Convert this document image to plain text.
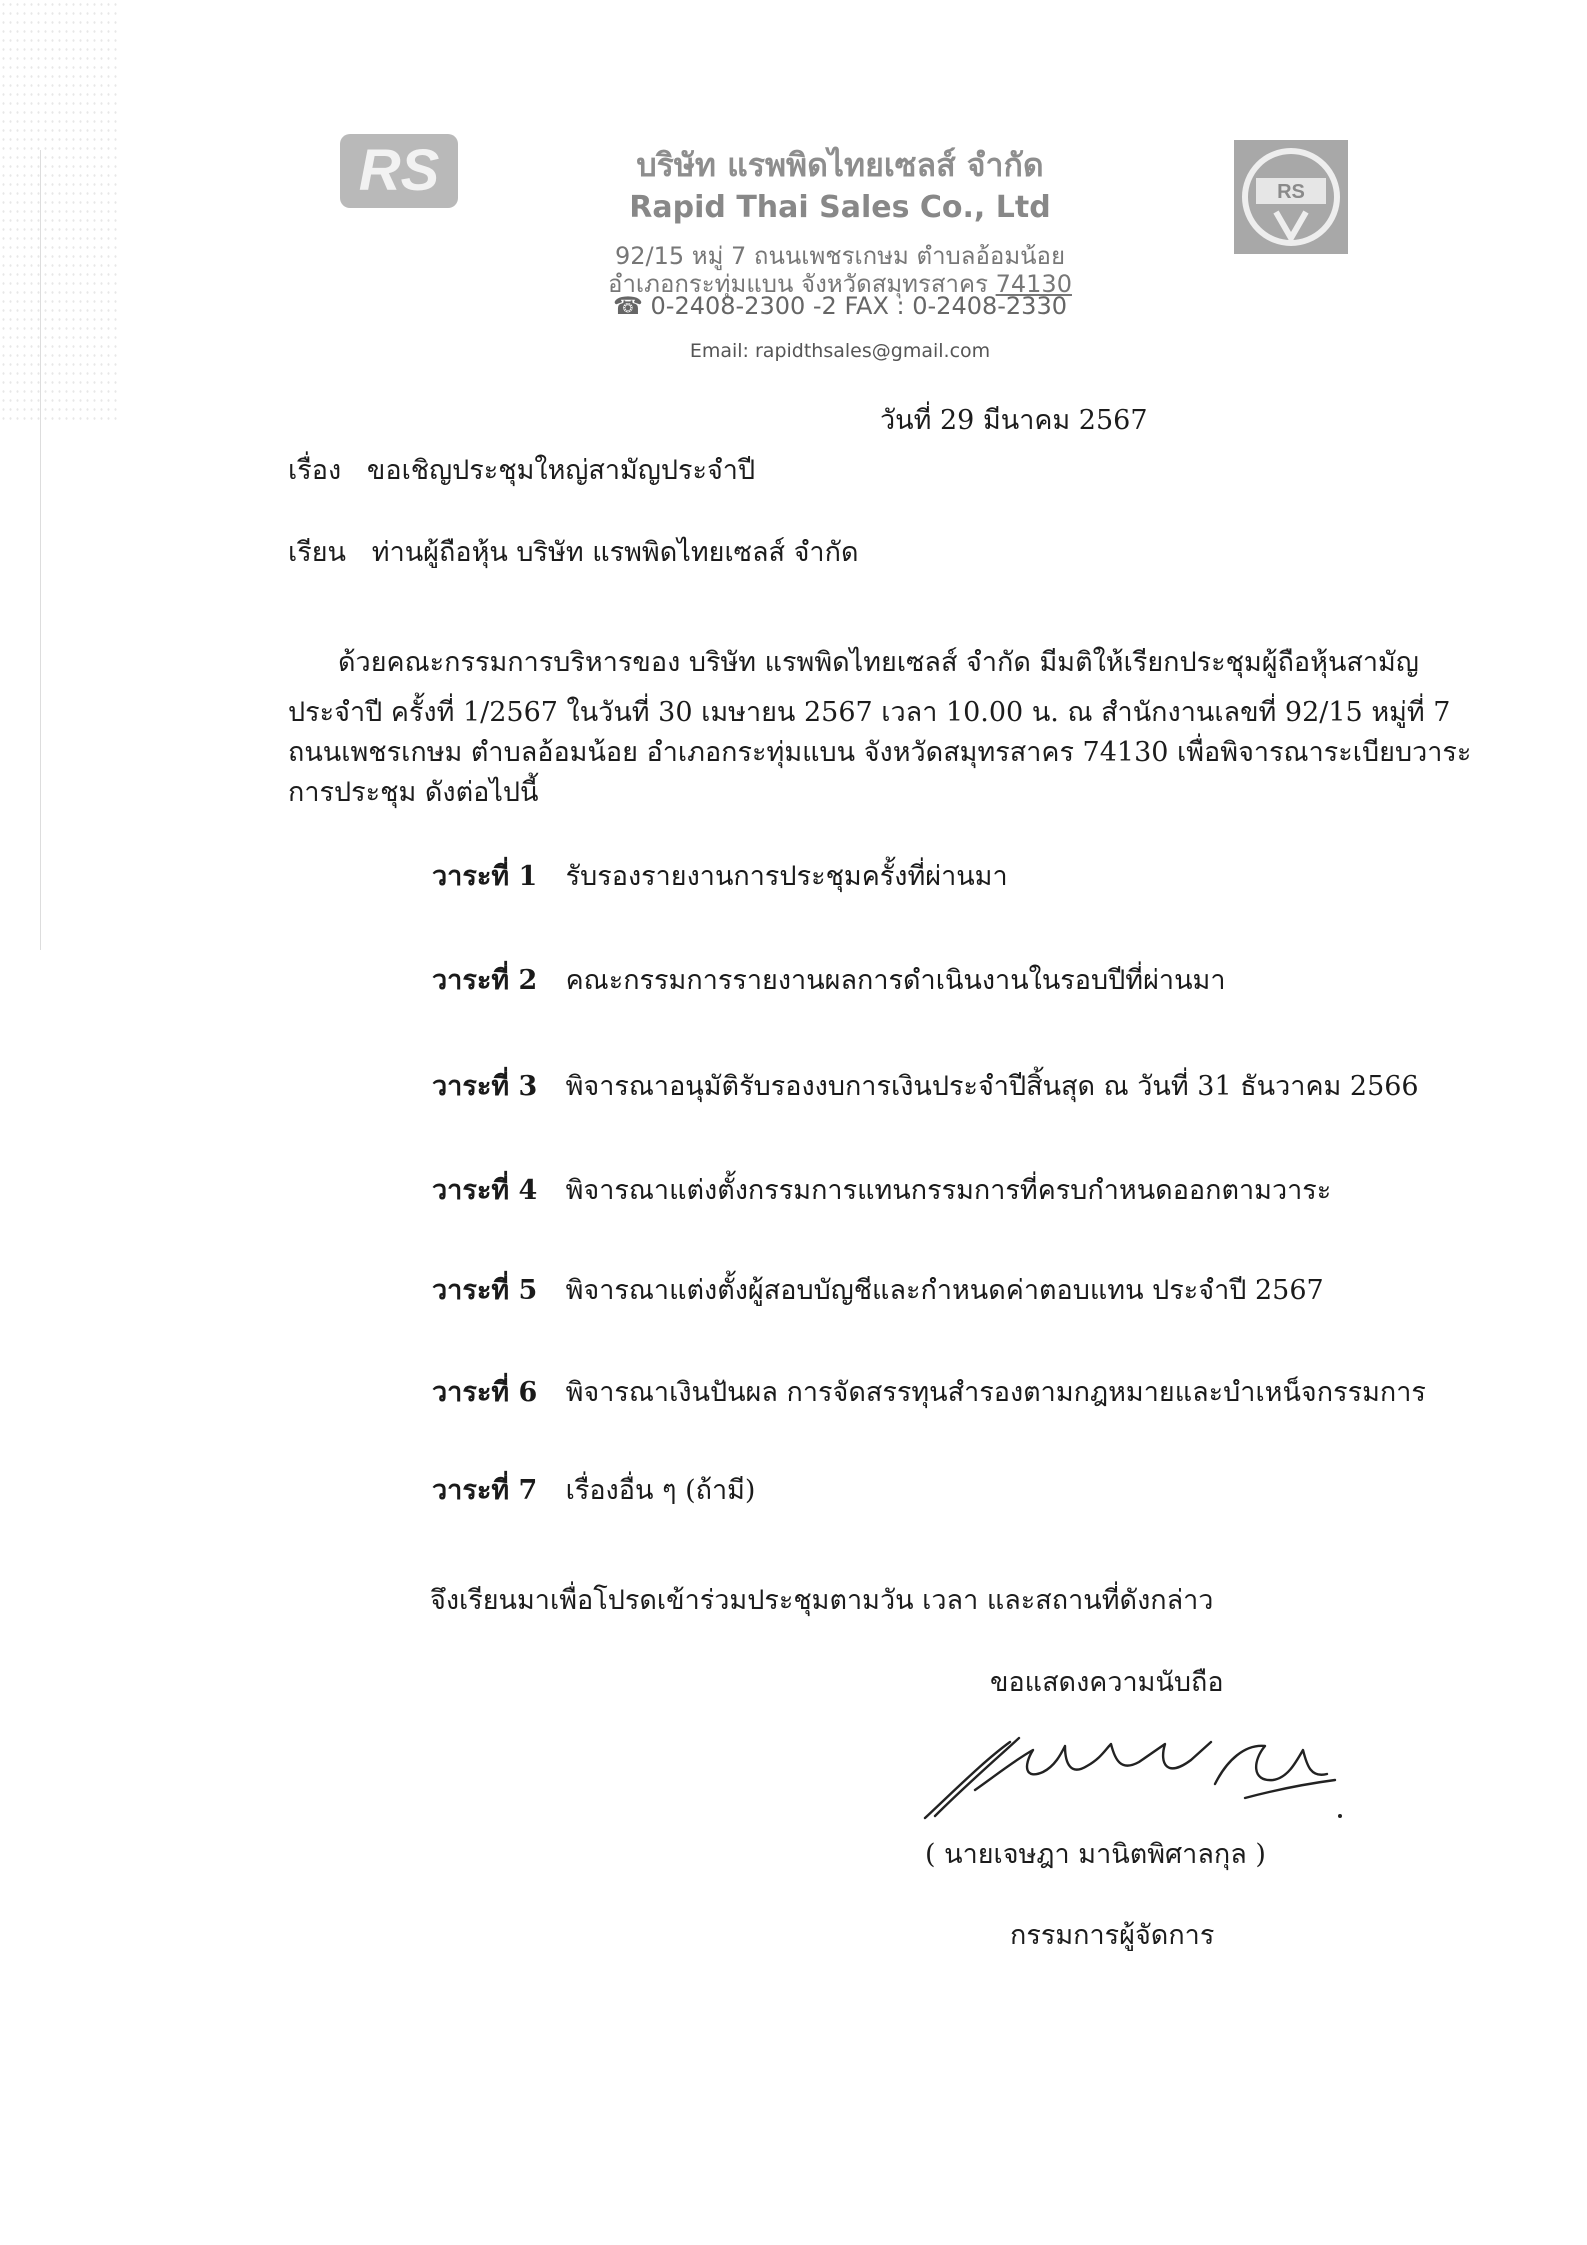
RS	RS
บริษัท แรพพิดไทยเซลส์ จำกัด
Rapid Thai Sales Co., Ltd
92/15 หมู่ 7 ถนนเพชรเกษม ตำบลอ้อมน้อย
อำเภอกระทุ่มแบน จังหวัดสมุทรสาคร 74130
☎ 0-2408-2300 -2 FAX : 0-2408-2330
Email: rapidthsales@gmail.com
วันที่ 29 มีนาคม 2567
เรื่อง ขอเชิญประชุมใหญ่สามัญประจำปี
เรียน ท่านผู้ถือหุ้น บริษัท แรพพิดไทยเซลส์ จำกัด
ด้วยคณะกรรมการบริหารของ บริษัท แรพพิดไทยเซลส์ จำกัด มีมติให้เรียกประชุมผู้ถือหุ้นสามัญ
ประจำปี ครั้งที่ 1/2567 ในวันที่ 30 เมษายน 2567 เวลา 10.00 น. ณ สำนักงานเลขที่ 92/15 หมู่ที่ 7
ถนนเพชรเกษม ตำบลอ้อมน้อย อำเภอกระทุ่มแบน จังหวัดสมุทรสาคร 74130 เพื่อพิจารณาระเบียบวาระ
การประชุม ดังต่อไปนี้
วาระที่ 1 รับรองรายงานการประชุมครั้งที่ผ่านมา
วาระที่ 2 คณะกรรมการรายงานผลการดำเนินงานในรอบปีที่ผ่านมา
วาระที่ 3 พิจารณาอนุมัติรับรองงบการเงินประจำปีสิ้นสุด ณ วันที่ 31 ธันวาคม 2566
วาระที่ 4 พิจารณาแต่งตั้งกรรมการแทนกรรมการที่ครบกำหนดออกตามวาระ
วาระที่ 5 พิจารณาแต่งตั้งผู้สอบบัญชีและกำหนดค่าตอบแทน ประจำปี 2567
วาระที่ 6 พิจารณาเงินปันผล การจัดสรรทุนสำรองตามกฎหมายและบำเหน็จกรรมการ
วาระที่ 7 เรื่องอื่น ๆ (ถ้ามี)
จึงเรียนมาเพื่อโปรดเข้าร่วมประชุมตามวัน เวลา และสถานที่ดังกล่าว
ขอแสดงความนับถือ
( นายเจษฎา มานิตพิศาลกุล )
กรรมการผู้จัดการ
